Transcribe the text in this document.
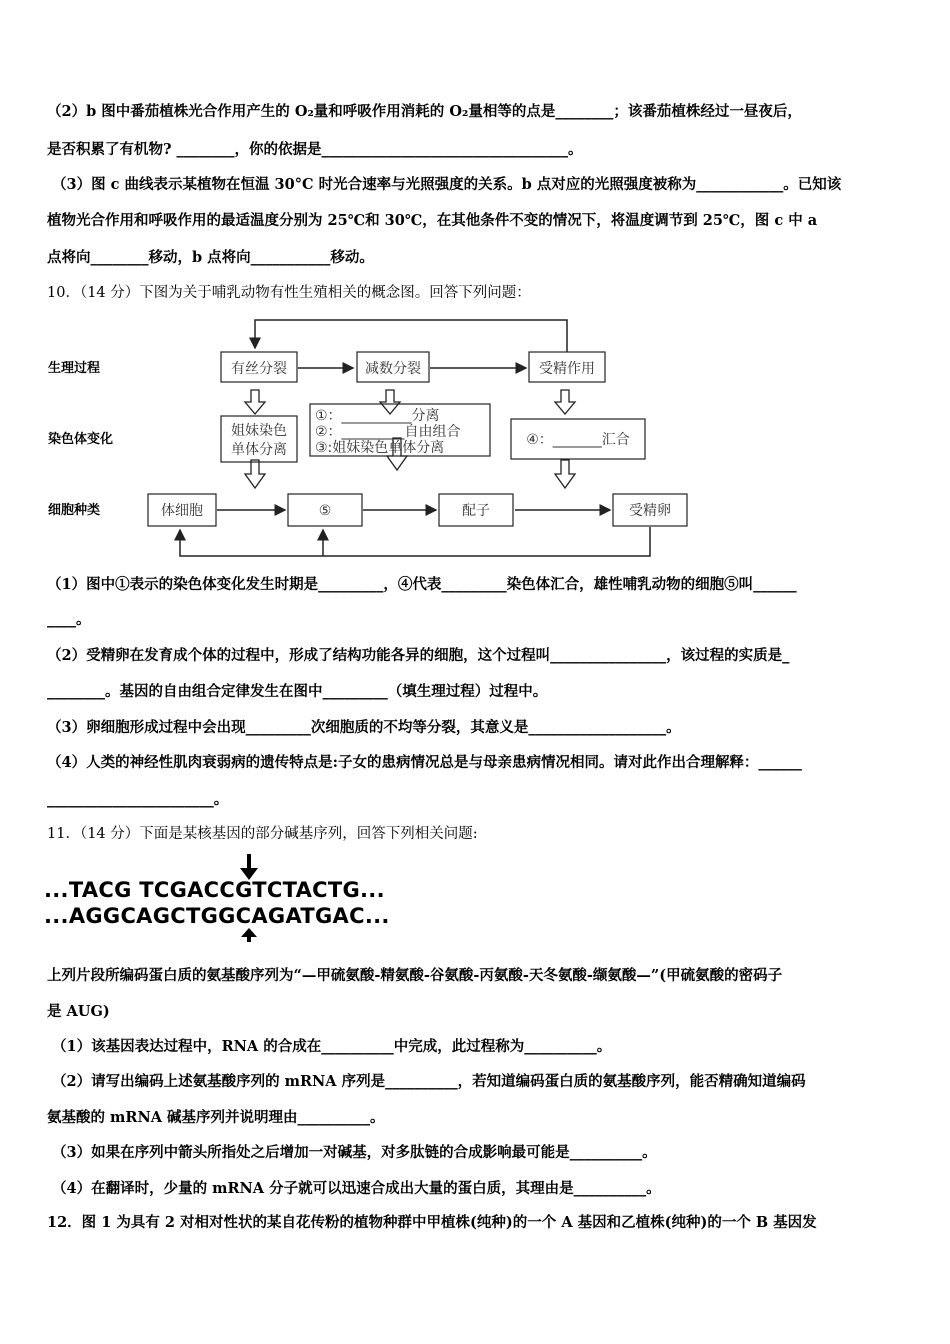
（2）b 图中番茄植株光合作用产生的 O₂量和呼吸作用消耗的 O₂量相等的点是________；该番茄植株经过一昼夜后，
是否积累了有机物? ________，你的依据是__________________________________。
（3）图 c 曲线表示某植物在恒温 30°C 时光合速率与光照强度的关系。b 点对应的光照强度被称为____________。已知该
植物光合作用和呼吸作用的最适温度分别为 25℃和 30℃，在其他条件不变的情况下，将温度调节到 25℃，图 c 中 a
点将向________移动，b 点将向___________移动。
10．（14 分）下图为关于哺乳动物有性生殖相关的概念图。回答下列问题：
生理过程
染色体变化
细胞种类
有丝分裂	减数分裂	受精作用
姐妹染色
单体分离
①：__________分离
②：_________自由组合
③:姐妹染色单体分离	④：_______汇合
体细胞	⑤	配子	受精卵
（1）图中①表示的染色体变化发生时期是_________，④代表_________染色体汇合，雄性哺乳动物的细胞⑤叫______
____。
（2）受精卵在发育成个体的过程中，形成了结构功能各异的细胞，这个过程叫________________，该过程的实质是_
________。基因的自由组合定律发生在图中_________（填生理过程）过程中。
（3）卵细胞形成过程中会出现_________次细胞质的不均等分裂，其意义是___________________。
（4）人类的神经性肌肉衰弱病的遗传特点是:子女的患病情况总是与母亲患病情况相同。请对此作出合理解释：______
_______________________。
11．（14 分）下面是某核基因的部分碱基序列，回答下列相关问题:
...TACG TCGACCGTCTACTG...
...AGGCAGCTGGCAGATGAC...
上列片段所编码蛋白质的氨基酸序列为“—甲硫氨酸-精氨酸-谷氨酸-丙氨酸-天冬氨酸-缬氨酸—”(甲硫氨酸的密码子
是 AUG)
（1）该基因表达过程中，RNA 的合成在__________中完成，此过程称为__________。
（2）请写出编码上述氨基酸序列的 mRNA 序列是__________，若知道编码蛋白质的氨基酸序列，能否精确知道编码
氨基酸的 mRNA 碱基序列并说明理由__________。
（3）如果在序列中箭头所指处之后增加一对碱基，对多肽链的合成影响最可能是__________。
（4）在翻译时，少量的 mRNA 分子就可以迅速合成出大量的蛋白质，其理由是__________。
12．图 1 为具有 2 对相对性状的某自花传粉的植物种群中甲植株(纯种)的一个 A 基因和乙植株(纯种)的一个 B 基因发
